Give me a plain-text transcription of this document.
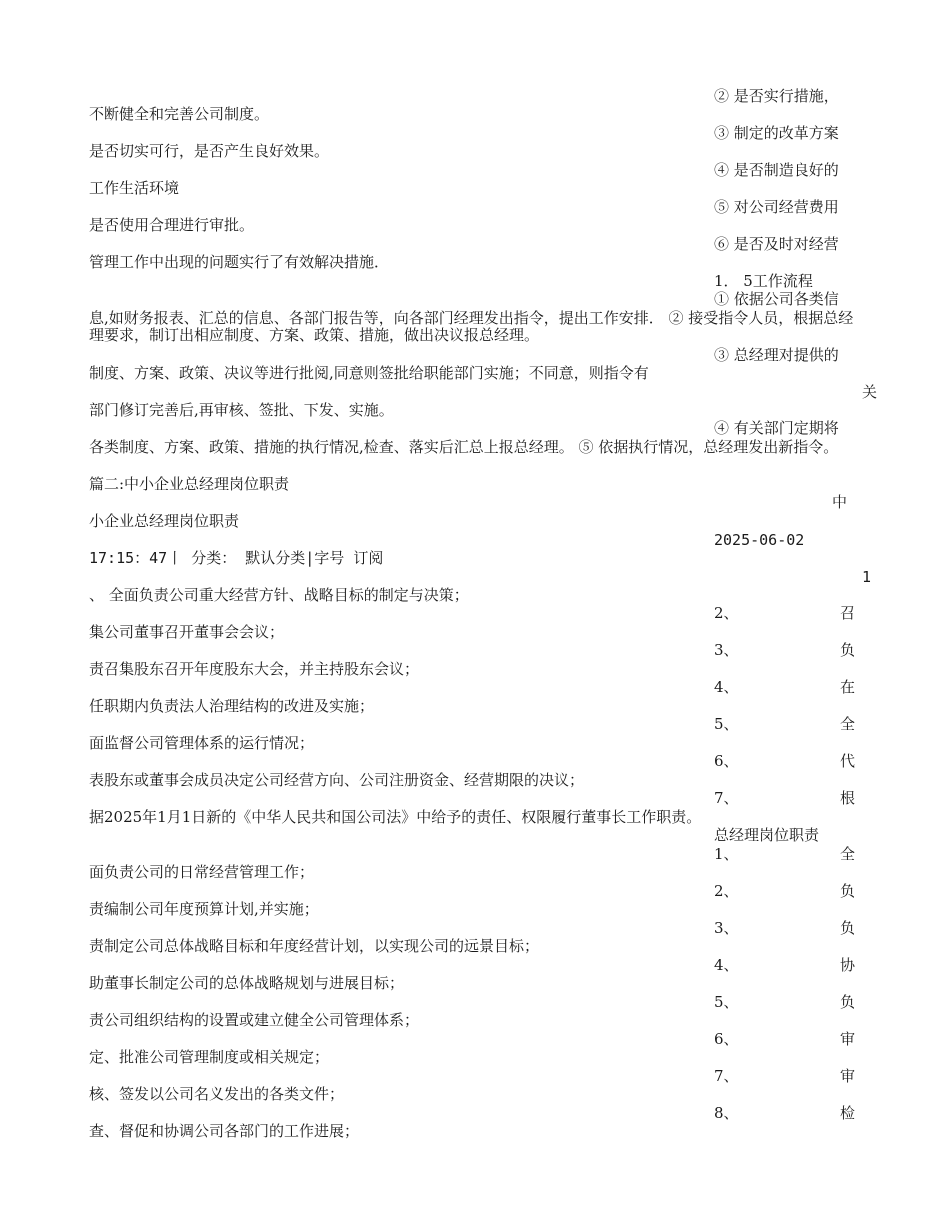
② 是否实行措施，
③ 制定的改革方案
④ 是否制造良好的
⑤ 对公司经营费用
⑥ 是否及时对经营
1． 5工作流程
① 依据公司各类信
③ 总经理对提供的
关
④ 有关部门定期将
中
2025-06-02
1
2、	召
3、	负
4、	在
5、	全
6、	代
7、	根
总经理岗位职责
1、	全
2、	负
3、	负
4、	协
5、	负
6、	审
7、	审
8、	检
不断健全和完善公司制度。
是否切实可行，是否产生良好效果。
工作生活环境
是否使用合理进行审批。
管理工作中出现的问题实行了有效解决措施．
息,如财务报表、汇总的信息、各部门报告等，向各部门经理发出指令，提出工作安排． ② 接受指令人员，根据总经理要求，制订出相应制度、方案、政策、措施，做出决议报总经理。
制度、方案、政策、决议等进行批阅,同意则签批给职能部门实施；不同意，则指令有
部门修订完善后,再审核、签批、下发、实施。
各类制度、方案、政策、措施的执行情况,检查、落实后汇总上报总经理。 ⑤ 依据执行情况，总经理发出新指令。
篇二:中小企业总经理岗位职责
小企业总经理岗位职责
17:15：47丨 分类： 默认分类|字号 订阅
、 全面负责公司重大经营方针、战略目标的制定与决策；
集公司董事召开董事会会议；
责召集股东召开年度股东大会，并主持股东会议；
任职期内负责法人治理结构的改进及实施；
面监督公司管理体系的运行情况；
表股东或董事会成员决定公司经营方向、公司注册资金、经营期限的决议；
据2025年1月1日新的《中华人民共和国公司法》中给予的责任、权限履行董事长工作职责。
面负责公司的日常经营管理工作；
责编制公司年度预算计划,并实施；
责制定公司总体战略目标和年度经营计划，以实现公司的远景目标；
助董事长制定公司的总体战略规划与进展目标；
责公司组织结构的设置或建立健全公司管理体系；
定、批准公司管理制度或相关规定；
核、签发以公司名义发出的各类文件；
查、督促和协调公司各部门的工作进展；
